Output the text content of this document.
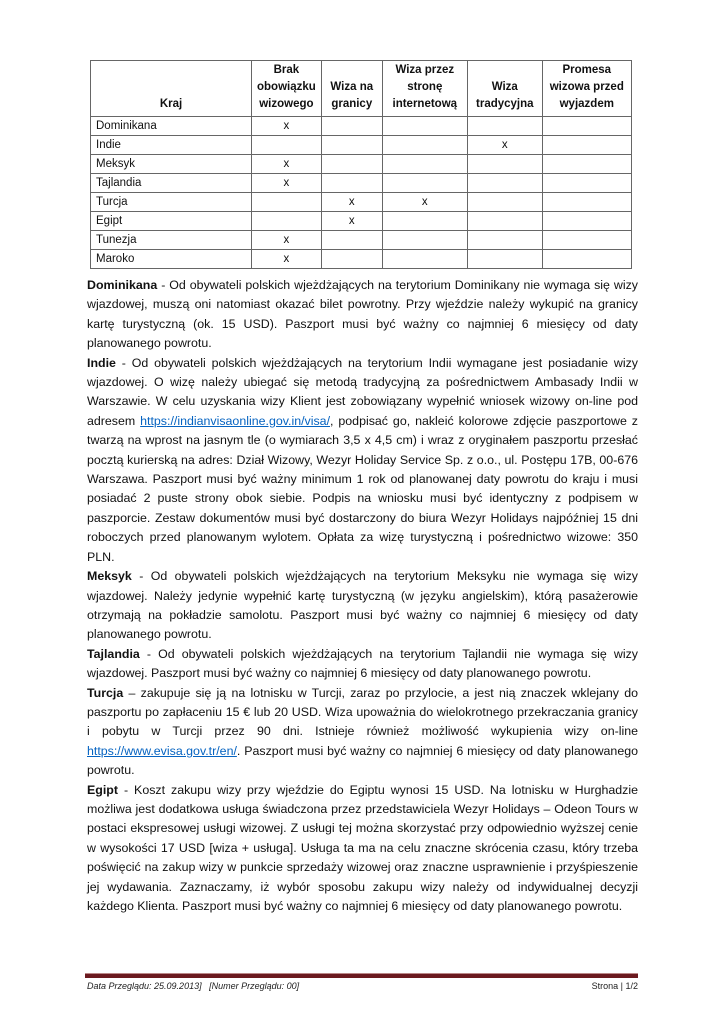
Kraj	Brak obowiązku wizowego	Wiza na granicy	Wiza przez stronę internetową	Wiza tradycyjna	Promesa wizowa przed wyjazdem
Dominikana	x				
Indie				x	
Meksyk	x				
Tajlandia	x				
Turcja		x	x		
Egipt		x			
Tunezja	x				
Maroko	x				

Dominikana - Od obywateli polskich wjeżdżających na terytorium Dominikany nie wymaga się wizy wjazdowej, muszą oni natomiast okazać bilet powrotny. Przy wjeździe należy wykupić na granicy kartę turystyczną (ok. 15 USD). Paszport musi być ważny co najmniej 6 miesięcy od daty planowanego powrotu.

Indie - Od obywateli polskich wjeżdżających na terytorium Indii wymagane jest posiadanie wizy wjazdowej. O wizę należy ubiegać się metodą tradycyjną za pośrednictwem Ambasady Indii w Warszawie. W celu uzyskania wizy Klient jest zobowiązany wypełnić wniosek wizowy on-line pod adresem https://indianvisaonline.gov.in/visa/, podpisać go, nakleić kolorowe zdjęcie paszportowe z twarzą na wprost na jasnym tle (o wymiarach 3,5 x 4,5 cm) i wraz z oryginałem paszportu przesłać pocztą kurierską na adres: Dział Wizowy, Wezyr Holiday Service Sp. z o.o., ul. Postępu 17B, 00-676 Warszawa. Paszport musi być ważny minimum 1 rok od planowanej daty powrotu do kraju i musi posiadać 2 puste strony obok siebie. Podpis na wniosku musi być identyczny z podpisem w paszporcie. Zestaw dokumentów musi być dostarczony do biura Wezyr Holidays najpóźniej 15 dni roboczych przed planowanym wylotem. Opłata za wizę turystyczną i pośrednictwo wizowe: 350 PLN.

Meksyk - Od obywateli polskich wjeżdżających na terytorium Meksyku nie wymaga się wizy wjazdowej. Należy jedynie wypełnić kartę turystyczną (w języku angielskim), którą pasażerowie otrzymają na pokładzie samolotu. Paszport musi być ważny co najmniej 6 miesięcy od daty planowanego powrotu.

Tajlandia - Od obywateli polskich wjeżdżających na terytorium Tajlandii nie wymaga się wizy wjazdowej. Paszport musi być ważny co najmniej 6 miesięcy od daty planowanego powrotu.

Turcja – zakupuje się ją na lotnisku w Turcji, zaraz po przylocie, a jest nią znaczek wklejany do paszportu po zapłaceniu 15 € lub 20 USD. Wiza upoważnia do wielokrotnego przekraczania granicy i pobytu w Turcji przez 90 dni. Istnieje również możliwość wykupienia wizy on-line https://www.evisa.gov.tr/en/. Paszport musi być ważny co najmniej 6 miesięcy od daty planowanego powrotu.

Egipt - Koszt zakupu wizy przy wjeździe do Egiptu wynosi 15 USD. Na lotnisku w Hurghadzie możliwa jest dodatkowa usługa świadczona przez przedstawiciela Wezyr Holidays – Odeon Tours w postaci ekspresowej usługi wizowej. Z usługi tej można skorzystać przy odpowiednio wyższej cenie w wysokości 17 USD [wiza + usługa]. Usługa ta ma na celu znaczne skrócenia czasu, który trzeba poświęcić na zakup wizy w punkcie sprzedaży wizowej oraz znaczne usprawnienie i przyśpieszenie jej wydawania. Zaznaczamy, iż wybór sposobu zakupu wizy należy od indywidualnej decyzji każdego Klienta. Paszport musi być ważny co najmniej 6 miesięcy od daty planowanego powrotu.

Data Przeglądu: 25.09.2013]   [Numer Przeglądu: 00]	Strona | 1/2
